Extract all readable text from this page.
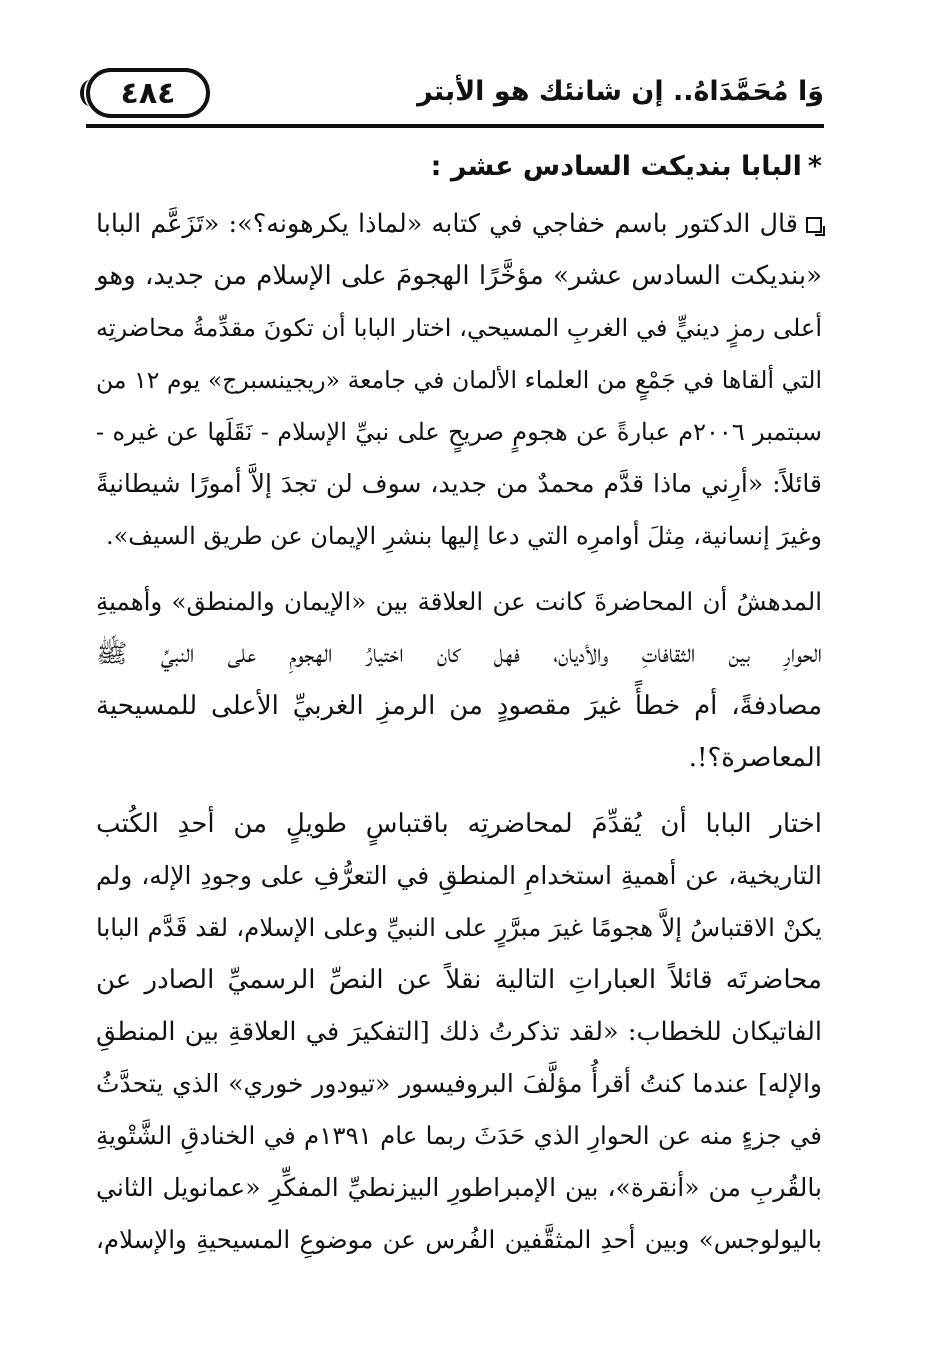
٤٨٤	وَا مُحَمَّدَاهُ.. إن شانئك هو الأبتر
*البابا بنديكت السادس عشر :
قال الدكتور باسم خفاجي في كتابه «لماذا يكرهونه؟»: «تَزَعَّم البابا
«بنديكت السادس عشر» مؤخَّرًا الهجومَ على الإسلام من جديد، وهو
أعلى رمزٍ دينيٍّ في الغربِ المسيحي، اختار البابا أن تكونَ مقدِّمةُ محاضرتِه
التي ألقاها في جَمْعٍ من العلماء الألمان في جامعة «ريجينسبرج» يوم ١٢ من
سبتمبر ٢٠٠٦م عبارةً عن هجومٍ صريحٍ على نبيِّ الإسلام - نَقَلَها عن غيره -
قائلاً: «أرِني ماذا قدَّم محمدٌ من جديد، سوف لن تجدَ إلاَّ أمورًا شيطانيةً
وغيرَ إنسانية، مِثلَ أوامرِه التي دعا إليها بنشرِ الإيمان عن طريق السيف».
المدهشُ أن المحاضرةَ كانت عن العلاقة بين «الإيمان والمنطق» وأهميةِ
الحوارِ بين الثقافاتِ والأديان، فهل كان اختيارُ الهجومِ على النبيِّ ﷺ
مصادفةً، أم خطأً غيرَ مقصودٍ من الرمزِ الغربيِّ الأعلى للمسيحية
المعاصرة؟!.
اختار البابا أن يُقدِّمَ لمحاضرتِه باقتباسٍ طويلٍ من أحدِ الكُتب
التاريخية، عن أهميةِ استخدامِ المنطقِ في التعرُّفِ على وجودِ الإله، ولم
يكنْ الاقتباسُ إلاَّ هجومًا غيرَ مبرَّرٍ على النبيِّ وعلى الإسلام، لقد قَدَّم البابا
محاضرتَه قائلاً العباراتِ التالية نقلاً عن النصِّ الرسميِّ الصادر عن
الفاتيكان للخطاب: «لقد تذكرتُ ذلك [التفكيرَ في العلاقةِ بين المنطقِ
والإله] عندما كنتُ أقرأُ مؤلَّفَ البروفيسور «تيودور خوري» الذي يتحدَّثُ
في جزءٍ منه عن الحوارِ الذي حَدَثَ ربما عام ١٣٩١م في الخنادقِ الشَّتْويةِ
بالقُربِ من «أنقرة»، بين الإمبراطورِ البيزنطيِّ المفكِّرِ «عمانويل الثاني
باليولوجس» وبين أحدِ المثقَّفين الفُرس عن موضوعِ المسيحيةِ والإسلام،
